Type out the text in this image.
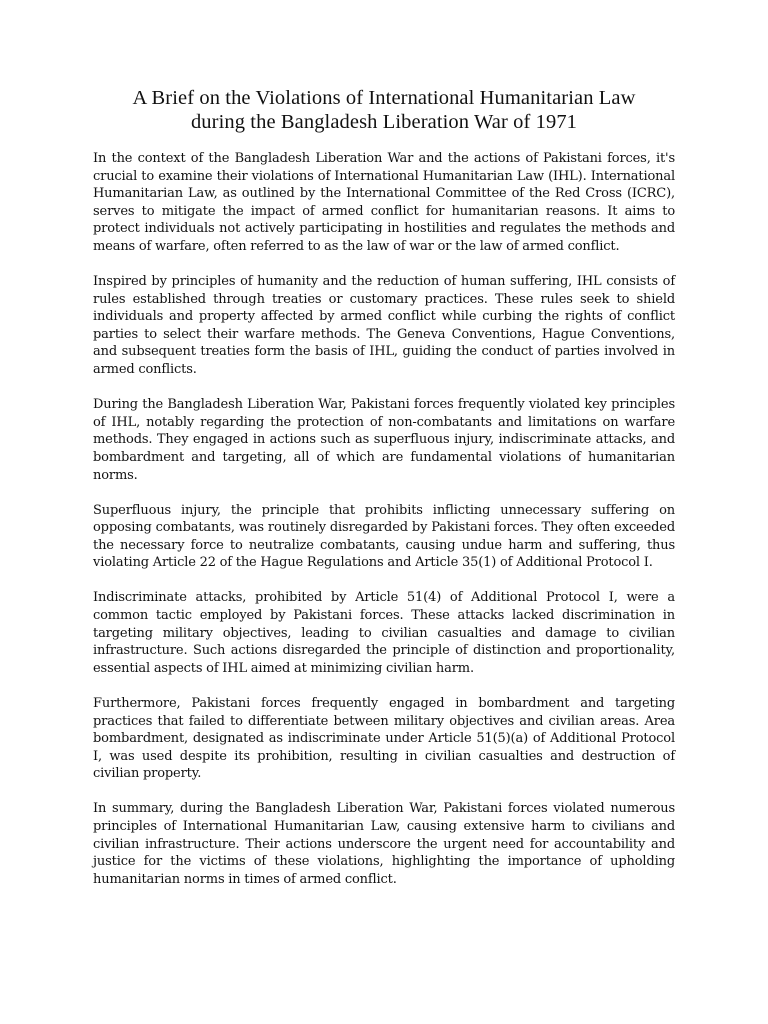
A Brief on the Violations of International Humanitarian Law
during the Bangladesh Liberation War of 1971

In the context of the Bangladesh Liberation War and the actions of Pakistani forces, it's crucial to examine their violations of International Humanitarian Law (IHL). International Humanitarian Law, as outlined by the International Committee of the Red Cross (ICRC), serves to mitigate the impact of armed conflict for humanitarian reasons. It aims to protect individuals not actively participating in hostilities and regulates the methods and means of warfare, often referred to as the law of war or the law of armed conflict.

Inspired by principles of humanity and the reduction of human suffering, IHL consists of rules established through treaties or customary practices. These rules seek to shield individuals and property affected by armed conflict while curbing the rights of conflict parties to select their warfare methods. The Geneva Conventions, Hague Conventions, and subsequent treaties form the basis of IHL, guiding the conduct of parties involved in armed conflicts.

During the Bangladesh Liberation War, Pakistani forces frequently violated key principles of IHL, notably regarding the protection of non-combatants and limitations on warfare methods. They engaged in actions such as superfluous injury, indiscriminate attacks, and bombardment and targeting, all of which are fundamental violations of humanitarian norms.

Superfluous injury, the principle that prohibits inflicting unnecessary suffering on opposing combatants, was routinely disregarded by Pakistani forces. They often exceeded the necessary force to neutralize combatants, causing undue harm and suffering, thus violating Article 22 of the Hague Regulations and Article 35(1) of Additional Protocol I.

Indiscriminate attacks, prohibited by Article 51(4) of Additional Protocol I, were a common tactic employed by Pakistani forces. These attacks lacked discrimination in targeting military objectives, leading to civilian casualties and damage to civilian infrastructure. Such actions disregarded the principle of distinction and proportionality, essential aspects of IHL aimed at minimizing civilian harm.

Furthermore, Pakistani forces frequently engaged in bombardment and targeting practices that failed to differentiate between military objectives and civilian areas. Area bombardment, designated as indiscriminate under Article 51(5)(a) of Additional Protocol I, was used despite its prohibition, resulting in civilian casualties and destruction of civilian property.

In summary, during the Bangladesh Liberation War, Pakistani forces violated numerous principles of International Humanitarian Law, causing extensive harm to civilians and civilian infrastructure. Their actions underscore the urgent need for accountability and justice for the victims of these violations, highlighting the importance of upholding humanitarian norms in times of armed conflict.
